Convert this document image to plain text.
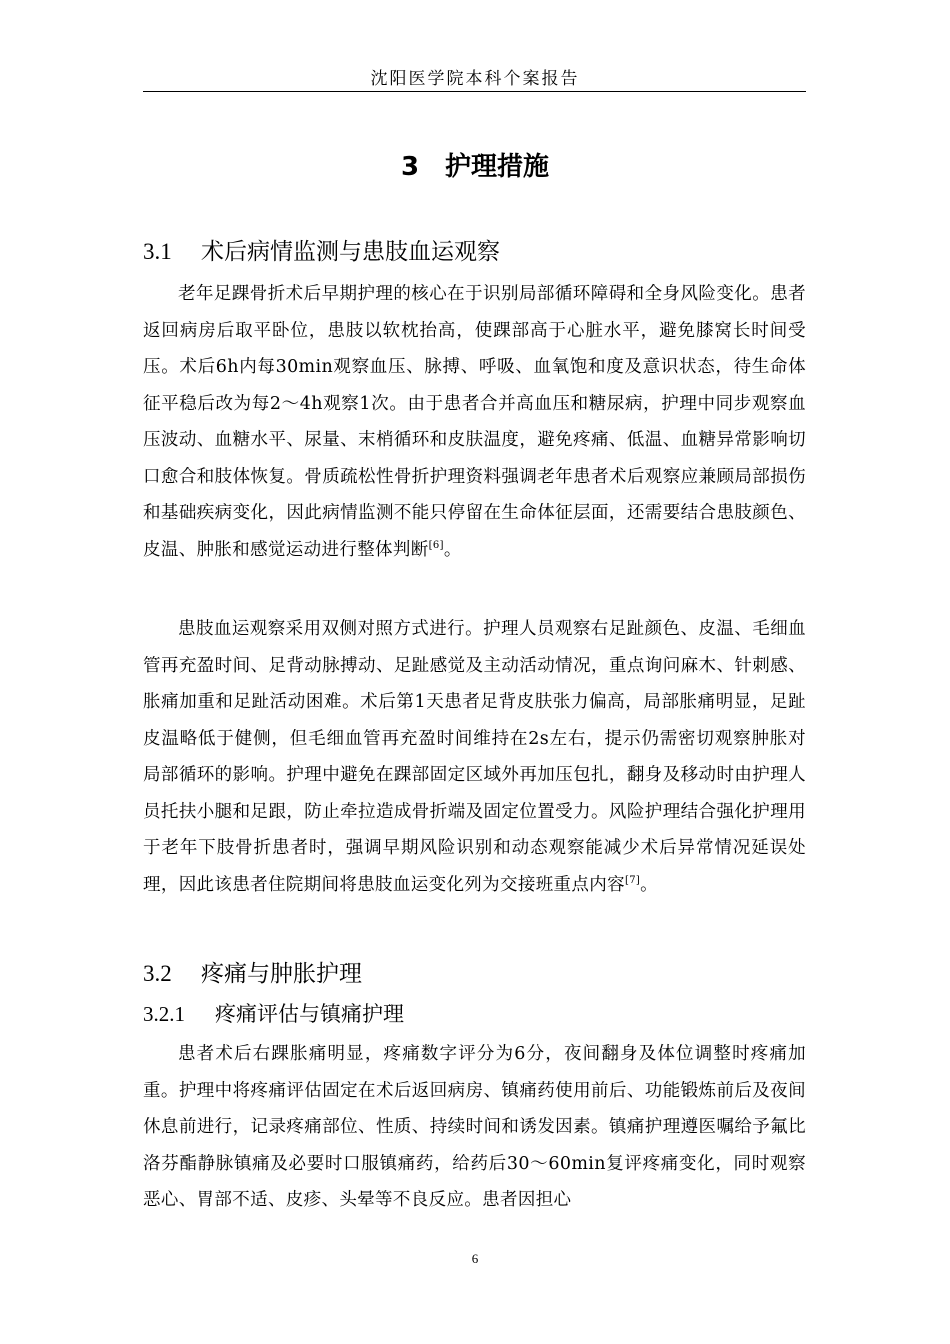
沈阳医学院本科个案报告
3 护理措施
3.1 术后病情监测与患肢血运观察

老年足踝骨折术后早期护理的核心在于识别局部循环障碍和全身风险变化。患者返回病房后取平卧位，患肢以软枕抬高，使踝部高于心脏水平，避免膝窝长时间受压。术后6h内每30min观察血压、脉搏、呼吸、血氧饱和度及意识状态，待生命体征平稳后改为每2～4h观察1次。由于患者合并高血压和糖尿病，护理中同步观察血压波动、血糖水平、尿量、末梢循环和皮肤温度，避免疼痛、低温、血糖异常影响切口愈合和肢体恢复。骨质疏松性骨折护理资料强调老年患者术后观察应兼顾局部损伤和基础疾病变化，因此病情监测不能只停留在生命体征层面，还需要结合患肢颜色、皮温、肿胀和感觉运动进行整体判断[6]。

患肢血运观察采用双侧对照方式进行。护理人员观察右足趾颜色、皮温、毛细血管再充盈时间、足背动脉搏动、足趾感觉及主动活动情况，重点询问麻木、针刺感、胀痛加重和足趾活动困难。术后第1天患者足背皮肤张力偏高，局部胀痛明显，足趾皮温略低于健侧，但毛细血管再充盈时间维持在2s左右，提示仍需密切观察肿胀对局部循环的影响。护理中避免在踝部固定区域外再加压包扎，翻身及移动时由护理人员托扶小腿和足跟，防止牵拉造成骨折端及固定位置受力。风险护理结合强化护理用于老年下肢骨折患者时，强调早期风险识别和动态观察能减少术后异常情况延误处理，因此该患者住院期间将患肢血运变化列为交接班重点内容[7]。

3.2 疼痛与肿胀护理
3.2.1 疼痛评估与镇痛护理

患者术后右踝胀痛明显，疼痛数字评分为6分，夜间翻身及体位调整时疼痛加重。护理中将疼痛评估固定在术后返回病房、镇痛药使用前后、功能锻炼前后及夜间休息前进行，记录疼痛部位、性质、持续时间和诱发因素。镇痛护理遵医嘱给予氟比洛芬酯静脉镇痛及必要时口服镇痛药，给药后30～60min复评疼痛变化，同时观察恶心、胃部不适、皮疹、头晕等不良反应。患者因担心

6
